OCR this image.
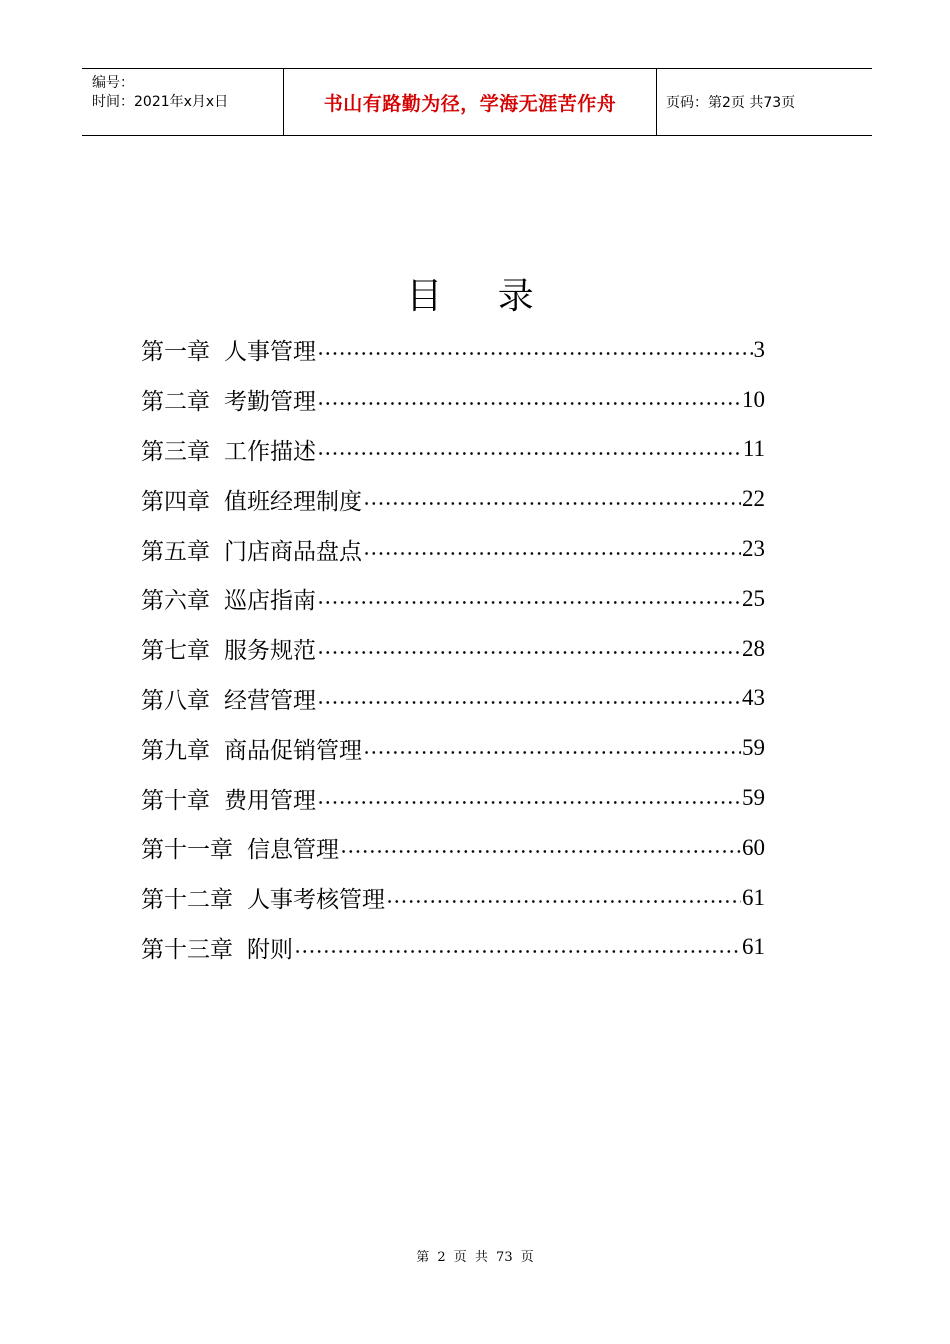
编号：
时间：2021年x月x日	书山有路勤为径，学海无涯苦作舟	页码：第2页 共73页
目 录
第一章 人事管理	3
第二章 考勤管理	10
第三章 工作描述	11
第四章 值班经理制度	22
第五章 门店商品盘点	23
第六章 巡店指南	25
第七章 服务规范	28
第八章 经营管理	43
第九章 商品促销管理	59
第十章 费用管理	59
第十一章 信息管理	60
第十二章 人事考核管理	61
第十三章 附则	61
第 2 页 共 73 页
